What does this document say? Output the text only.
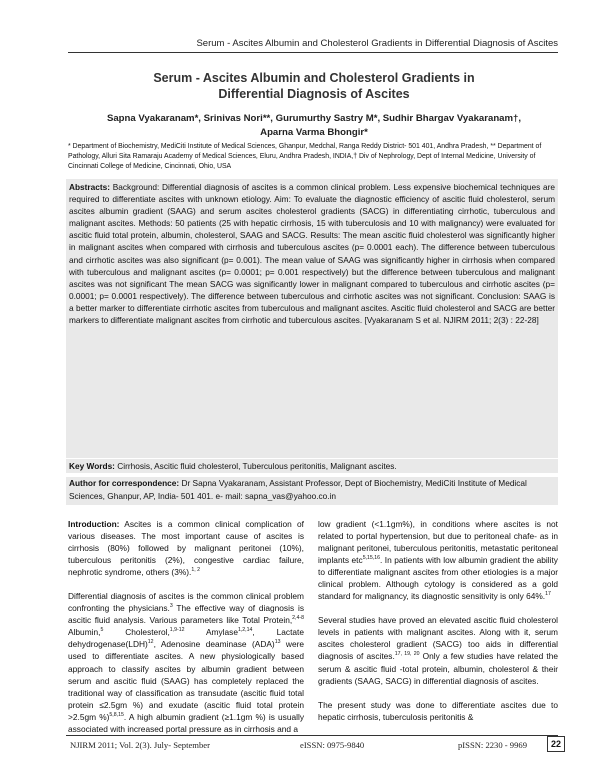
Serum - Ascites Albumin and Cholesterol Gradients in Differential Diagnosis of Ascites
Serum - Ascites Albumin and Cholesterol Gradients in
Differential Diagnosis of Ascites
Sapna Vyakaranam*, Srinivas Nori**, Gurumurthy Sastry M*, Sudhir Bhargav Vyakaranam†,
Aparna Varma Bhongir*
* Department of Biochemistry, MediCiti Institute of Medical Sciences, Ghanpur, Medchal, Ranga Reddy District- 501 401, Andhra Pradesh, ** Department of Pathology, Alluri Sita Ramaraju Academy of Medical Sciences, Eluru, Andhra Pradesh, INDIA,† Div of Nephrology, Dept of Internal Medicine, University of Cincinnati College of Medicine, Cincinnati, Ohio, USA
Abstracts: Background: Differential diagnosis of ascites is a common clinical problem. Less expensive biochemical techniques are required to differentiate ascites with unknown etiology. Aim: To evaluate the diagnostic efficiency of ascitic fluid cholesterol, serum ascites albumin gradient (SAAG) and serum ascites cholesterol gradients (SACG) in differentiating cirrhotic, tuberculous and malignant ascites. Methods: 50 patients (25 with hepatic cirrhosis, 15 with tuberculosis and 10 with malignancy) were evaluated for ascitic fluid total protein, albumin, cholesterol, SAAG and SACG. Results: The mean ascitic fluid cholesterol was significantly higher in malignant ascites when compared with cirrhosis and tuberculous ascites (p= 0.0001 each). The difference between tuberculous and cirrhotic ascites was also significant (p= 0.001). The mean value of SAAG was significantly higher in cirrhosis when compared with tuberculous and malignant ascites (p= 0.0001; p= 0.001 respectively) but the difference between tuberculous and malignant ascites was not significant The mean SACG was significantly lower in malignant compared to tuberculous and cirrhotic ascites (p= 0.0001; p= 0.0001 respectively). The difference between tuberculous and cirrhotic ascites was not significant. Conclusion: SAAG is a better marker to differentiate cirrhotic ascites from tuberculous and malignant ascites. Ascitic fluid cholesterol and SACG are better markers to differentiate malignant ascites from cirrhotic and tuberculous ascites. [Vyakaranam S et al. NJIRM 2011; 2(3) : 22-28]
Key Words: Cirrhosis, Ascitic fluid cholesterol, Tuberculous peritonitis, Malignant ascites.
Author for correspondence: Dr Sapna Vyakaranam, Assistant Professor, Dept of Biochemistry, MediCiti Institute of Medical Sciences, Ghanpur, AP, India- 501 401. e- mail: sapna_vas@yahoo.co.in

Introduction: Ascites is a common clinical complication of various diseases. The most important cause of ascites is cirrhosis (80%) followed by malignant peritonei (10%), tuberculous peritonitis (2%), congestive cardiac failure, nephrotic syndrome, others (3%).$^{1, 2}$

Differential diagnosis of ascites is the common clinical problem confronting the physicians.$^3$ The effective way of diagnosis is ascitic fluid analysis. Various parameters like Total Protein,$^{2,4-8}$ Albumin,$^5$ Cholesterol,$^{1,9-12}$ Amylase$^{1,2,14}$, Lactate dehydrogenase(LDH)$^{12}$, Adenosine deaminase (ADA)$^{13}$ were used to differentiate ascites. A new physiologically based approach to classify ascites by albumin gradient between serum and ascitic fluid (SAAG) has completely replaced the traditional way of classification as transudate (ascitic fluid total protein ≤2.5gm %) and exudate (ascitic fluid total protein >2.5gm %)$^{5,8,15}$. A high albumin gradient (≥1.1gm %) is usually associated with increased portal pressure as in cirrhosis and a

low gradient (<1.1gm%), in conditions where ascites is not related to portal hypertension, but due to peritoneal chafe- as in malignant peritonei, tuberculous peritonitis, metastatic peritoneal implants etc$^{5,15,16}$. In patients with low albumin gradient the ability to differentiate malignant ascites from other etiologies is a major clinical problem. Although cytology is considered as a gold standard for malignancy, its diagnostic sensitivity is only 64%.$^{17}$

Several studies have proved an elevated ascitic fluid cholesterol levels in patients with malignant ascites. Along with it, serum ascites cholesterol gradient (SACG) too aids in differential diagnosis of ascites.$^{17, 19, 20}$ Only a few studies have related the serum & ascitic fluid -total protein, albumin, cholesterol & their gradients (SAAG, SACG) in differential diagnosis of ascites.

The present study was done to differentiate ascites due to hepatic cirrhosis, tuberculosis peritonitis &

NJIRM 2011; Vol. 2(3). July- September	eISSN: 0975-9840	pISSN: 2230 - 9969	22
